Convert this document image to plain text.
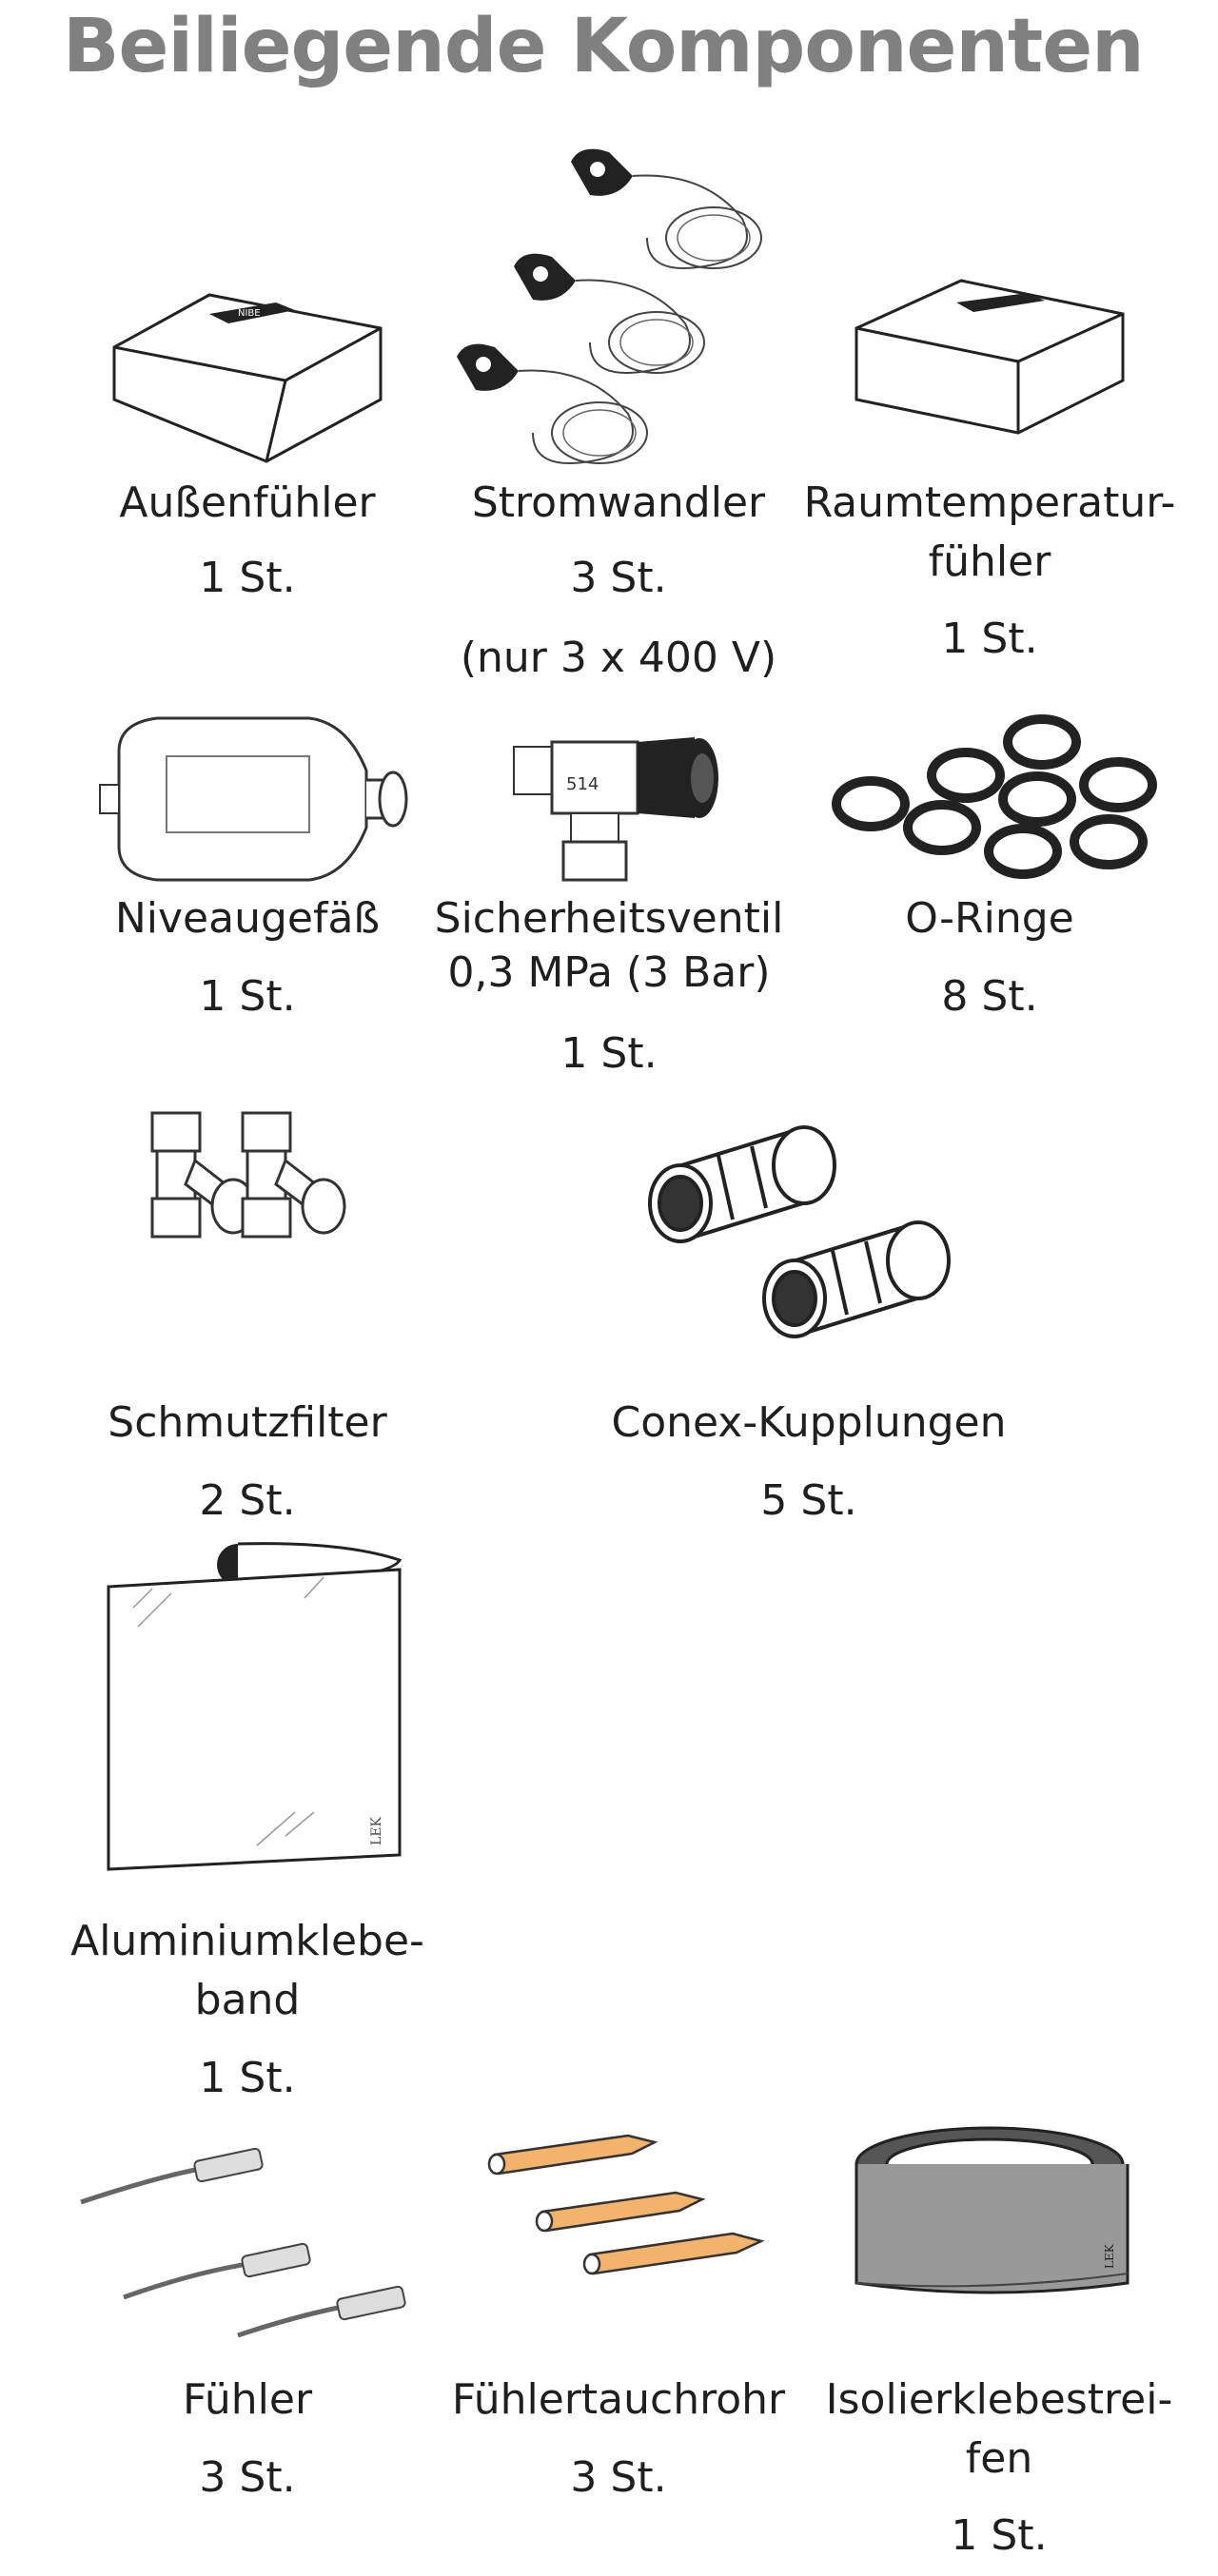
Beiliegende Komponenten
NIBE
Außenfühler
1 St.
Stromwandler
3 St.
(nur 3 x 400 V)
Raumtemperatur-
fühler
1 St.
Niveaugefäß
1 St.
514
Sicherheitsventil
0,3 MPa (3 Bar)
1 St.
O-Ringe
8 St.
Schmutzfilter
2 St.
Conex-Kupplungen
5 St.
LEK
Aluminiumklebe-
band
1 St.
Fühler
3 St.
Fühlertauchrohr
3 St.
LEK
Isolierklebestrei-
fen
1 St.
